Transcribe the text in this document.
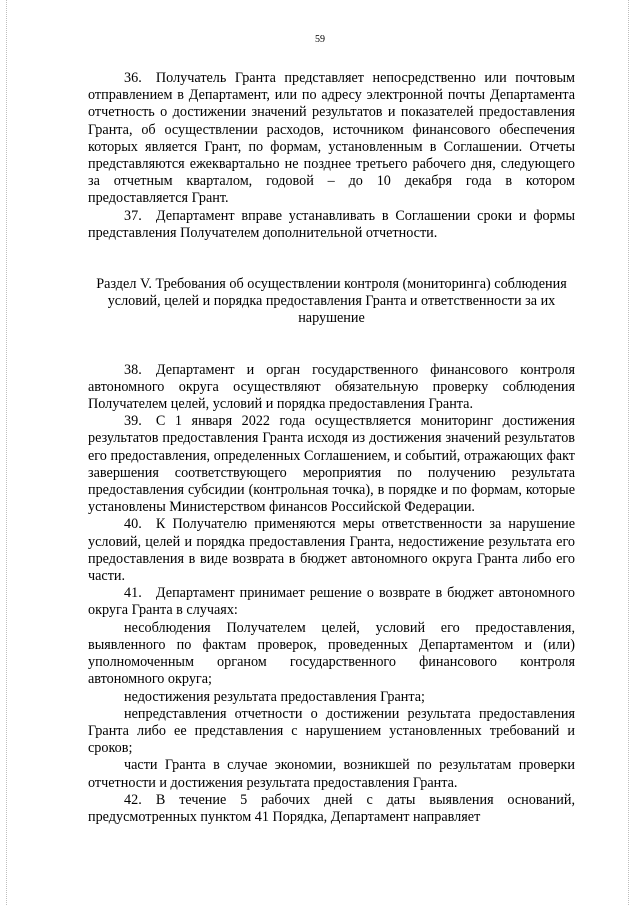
59

36. Получатель Гранта представляет непосредственно или почтовым отправлением в Департамент, или по адресу электронной почты Департамента отчетность о достижении значений результатов и показателей предоставления Гранта, об осуществлении расходов, источником финансового обеспечения которых является Грант, по формам, установленным в Соглашении. Отчеты представляются ежеквартально не позднее третьего рабочего дня, следующего за отчетным кварталом, годовой – до 10 декабря года в котором предоставляется Грант.

37. Департамент вправе устанавливать в Соглашении сроки и формы представления Получателем дополнительной отчетности.

Раздел V. Требования об осуществлении контроля (мониторинга) соблюдения условий, целей и порядка предоставления Гранта и ответственности за их нарушение

38. Департамент и орган государственного финансового контроля автономного округа осуществляют обязательную проверку соблюдения Получателем целей, условий и порядка предоставления Гранта.

39. С 1 января 2022 года осуществляется мониторинг достижения результатов предоставления Гранта исходя из достижения значений результатов его предоставления, определенных Соглашением, и событий, отражающих факт завершения соответствующего мероприятия по получению результата предоставления субсидии (контрольная точка), в порядке и по формам, которые установлены Министерством финансов Российской Федерации.

40. К Получателю применяются меры ответственности за нарушение условий, целей и порядка предоставления Гранта, недостижение результата его предоставления в виде возврата в бюджет автономного округа Гранта либо его части.

41. Департамент принимает решение о возврате в бюджет автономного округа Гранта в случаях:

несоблюдения Получателем целей, условий его предоставления, выявленного по фактам проверок, проведенных Департаментом и (или) уполномоченным органом государственного финансового контроля автономного округа;

недостижения результата предоставления Гранта;

непредставления отчетности о достижении результата предоставления Гранта либо ее представления с нарушением установленных требований и сроков;

части Гранта в случае экономии, возникшей по результатам проверки отчетности и достижения результата предоставления Гранта.

42. В течение 5 рабочих дней с даты выявления оснований, предусмотренных пунктом 41 Порядка, Департамент направляет
